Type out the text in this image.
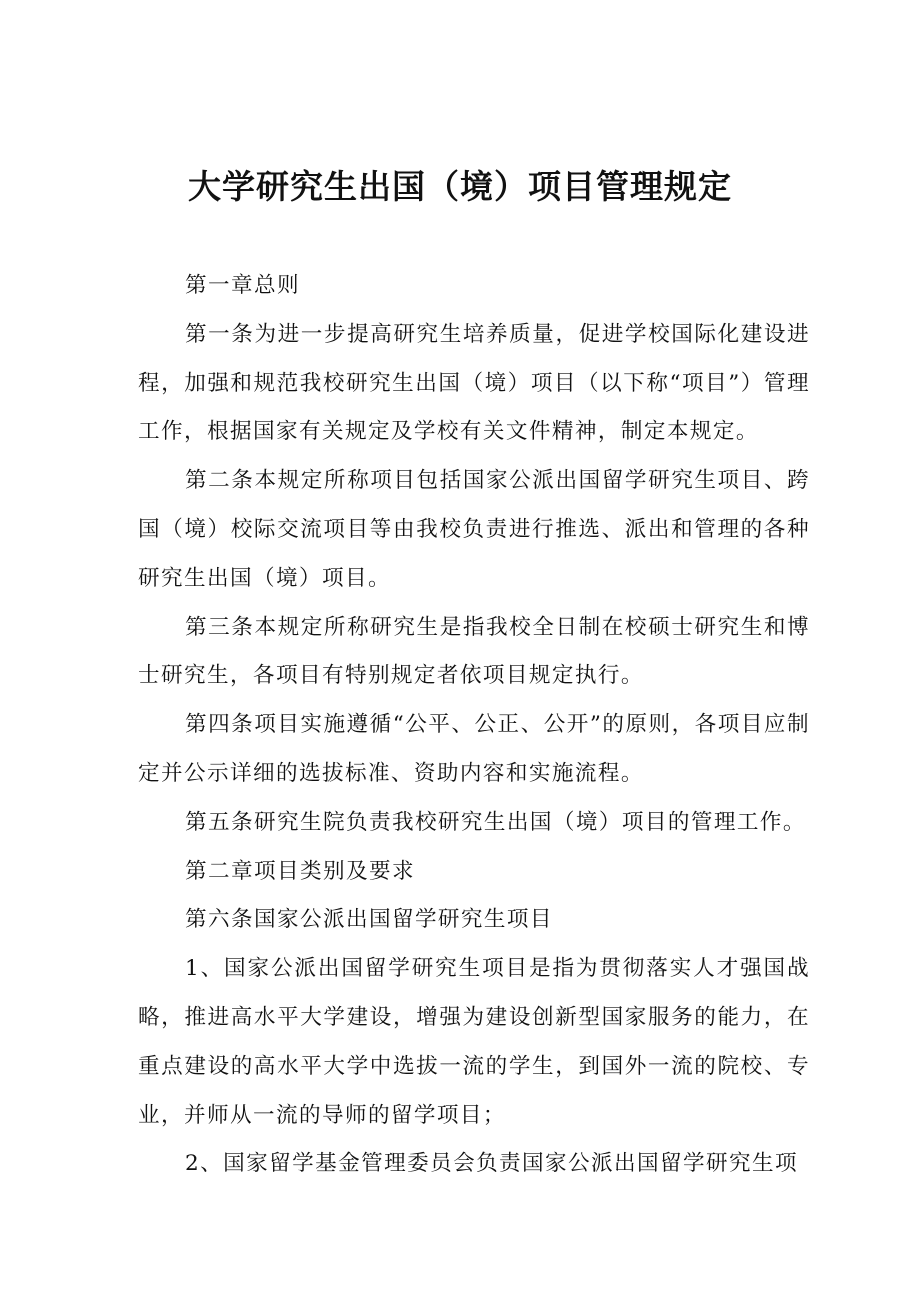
大学研究生出国（境）项目管理规定

第一章总则

第一条为进一步提高研究生培养质量，促进学校国际化建设进程，加强和规范我校研究生出国（境）项目（以下称“项目”）管理工作，根据国家有关规定及学校有关文件精神，制定本规定。

第二条本规定所称项目包括国家公派出国留学研究生项目、跨国（境）校际交流项目等由我校负责进行推选、派出和管理的各种研究生出国（境）项目。

第三条本规定所称研究生是指我校全日制在校硕士研究生和博士研究生，各项目有特别规定者依项目规定执行。

第四条项目实施遵循“公平、公正、公开”的原则，各项目应制定并公示详细的选拔标准、资助内容和实施流程。

第五条研究生院负责我校研究生出国（境）项目的管理工作。

第二章项目类别及要求

第六条国家公派出国留学研究生项目

1、国家公派出国留学研究生项目是指为贯彻落实人才强国战略，推进高水平大学建设，增强为建设创新型国家服务的能力，在重点建设的高水平大学中选拔一流的学生，到国外一流的院校、专业，并师从一流的导师的留学项目；

2、国家留学基金管理委员会负责国家公派出国留学研究生项
